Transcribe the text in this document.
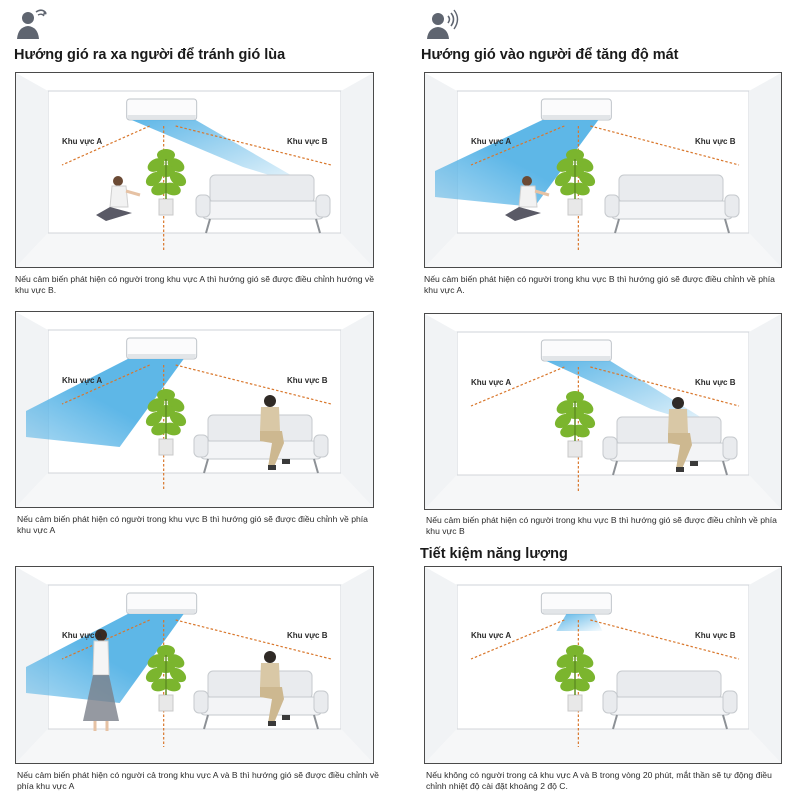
Hướng gió ra xa người để tránh gió lùa	Hướng gió vào người để tăng độ mát
Tiết kiệm năng lượng
Khu vực A	Khu vực B	Khu vực A	Khu vực B
Khu vực A	Khu vực B	Khu vực A	Khu vực B
Khu vực A	Khu vực B	Khu vực A	Khu vực B

Nếu cảm biến phát hiện có người trong khu vực A thì hướng gió sẽ được điều chỉnh hướng về khu vực B.

Nếu cảm biến phát hiện có người trong khu vực B thì hướng gió sẽ được điều chỉnh về phía khu vực A.

Nếu cảm biến phát hiện có người trong khu vực B thì hướng gió sẽ được điều chỉnh về phía khu vực A

Nếu cảm biến phát hiện có người trong khu vực B thì hướng gió sẽ được điều chỉnh về phía khu vực B

Nếu cảm biến phát hiện có người cả trong khu vực A và B thì hướng gió sẽ được điều chỉnh về phía khu vực A

Nếu không có người trong cả khu vực A và B trong vòng 20 phút, mắt thần sẽ tự động điều chỉnh nhiệt độ cài đặt khoảng 2 độ C.
